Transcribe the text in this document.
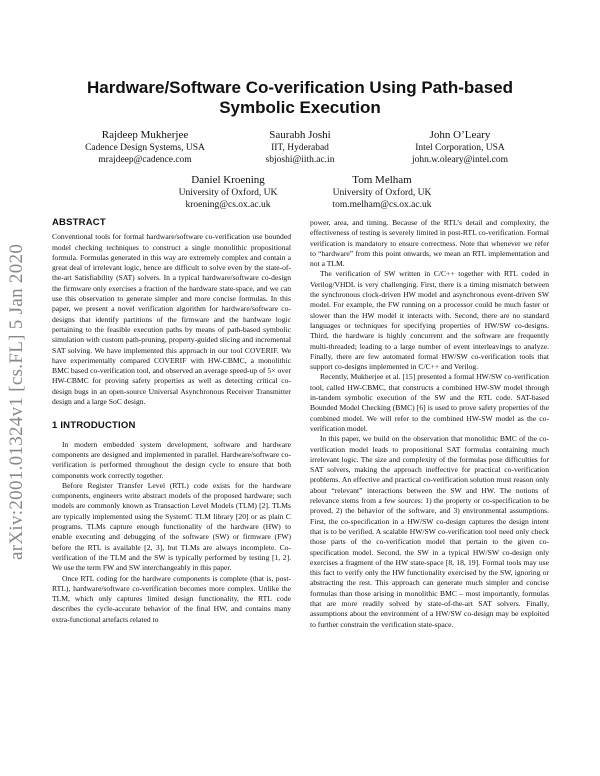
arXiv:2001.01324v1 [cs.FL] 5 Jan 2020
Hardware/Software Co-verification Using Path-based
Symbolic Execution
Rajdeep Mukherjee
Cadence Design Systems, USA
mrajdeep@cadence.com
Saurabh Joshi
IIT, Hyderabad
sbjoshi@iith.ac.in
John O’Leary
Intel Corporation, USA
john.w.oleary@intel.com
Daniel Kroening
University of Oxford, UK
kroening@cs.ox.ac.uk
Tom Melham
University of Oxford, UK
tom.melham@cs.ox.ac.uk
ABSTRACT

Conventional tools for formal hardware/software co-verification use bounded model checking techniques to construct a single monolithic propositional formula. Formulas generated in this way are extremely complex and contain a great deal of irrelevant logic, hence are difficult to solve even by the state-of-the-art Satisfiability (SAT) solvers. In a typical hardware/software co-design the firmware only exercises a fraction of the hardware state-space, and we can use this observation to generate simpler and more concise formulas. In this paper, we present a novel verification algorithm for hardware/software co-designs that identify partitions of the firmware and the hardware logic pertaining to the feasible execution paths by means of path-based symbolic simulation with custom path-pruning, property-guided slicing and incremental SAT solving. We have implemented this approach in our tool COVERIF. We have experimentally compared COVERIF with HW-CBMC, a monolithic BMC based co-verification tool, and observed an average speed-up of 5× over HW-CBMC for proving safety properties as well as detecting critical co-design bugs in an open-source Universal Asynchronous Receiver Transmitter design and a large SoC design.

1 INTRODUCTION

In modern embedded system development, software and hardware components are designed and implemented in parallel. Hardware/software co-verification is performed throughout the design cycle to ensure that both components work correctly together.

Before Register Transfer Level (RTL) code exists for the hardware components, engineers write abstract models of the proposed hardware; such models are commonly known as Transaction Level Models (TLM) [2]. TLMs are typically implemented using the SystemC TLM library [20] or as plain C programs. TLMs capture enough functionality of the hardware (HW) to enable executing and debugging of the software (SW) or firmware (FW) before the RTL is available [2, 3], but TLMs are always incomplete. Co-verification of the TLM and the SW is typically performed by testing [1, 2]. We use the term FW and SW interchangeably in this paper.

Once RTL coding for the hardware components is complete (that is, post-RTL), hardware/software co-verification becomes more complex. Unlike the TLM, which only captures limited design functionality, the RTL code describes the cycle-accurate behavior of the final HW, and contains many extra-functional artefacts related to

power, area, and timing. Because of the RTL’s detail and complexity, the effectiveness of testing is severely limited in post-RTL co-verification. Formal verification is mandatory to ensure correctness. Note that whenever we refer to “hardware” from this point onwards, we mean an RTL implementation and not a TLM.

The verification of SW written in C/C++ together with RTL coded in Verilog/VHDL is very challenging. First, there is a timing mismatch between the synchronous clock-driven HW model and asynchronous event-driven SW model. For example, the FW running on a processor could be much faster or slower than the HW model it interacts with. Second, there are no standard languages or techniques for specifying properties of HW/SW co-designs. Third, the hardware is highly concurrent and the software are frequently multi-threaded; leading to a large number of event interleavings to analyze. Finally, there are few automated formal HW/SW co-verification tools that support co-designs implemented in C/C++ and Verilog.

Recently, Mukherjee et al. [15] presented a formal HW/SW co-verification tool, called HW-CBMC, that constructs a combined HW-SW model through in-tandem symbolic execution of the SW and the RTL code. SAT-based Bounded Model Checking (BMC) [6] is used to prove safety properties of the combined model. We will refer to the combined HW-SW model as the co-verification model.

In this paper, we build on the observation that monolithic BMC of the co-verification model leads to propositional SAT formulas containing much irrelevant logic. The size and complexity of the formulas pose difficulties for SAT solvers, making the approach ineffective for practical co-verification problems. An effective and practical co-verification solution must reason only about “relevant” interactions between the SW and HW. The notions of relevance stems from a few sources: 1) the property or co-specification to be proved, 2) the behavior of the software, and 3) environmental assumptions. First, the co-specification in a HW/SW co-design captures the design intent that is to be verified. A scalable HW/SW co-verification tool need only check those parts of the co-verification model that pertain to the given co-specification model. Second, the SW in a typical HW/SW co-design only exercises a fragment of the HW state-space [8, 18, 19]. Formal tools may use this fact to verify only the HW functionality exercised by the SW, ignoring or abstracting the rest. This approach can generate much simpler and concise formulas than those arising in monolithic BMC – most importantly, formulas that are more readily solved by state-of-the-art SAT solvers. Finally, assumptions about the environment of a HW/SW co-design may be exploited to further constrain the verification state-space.
